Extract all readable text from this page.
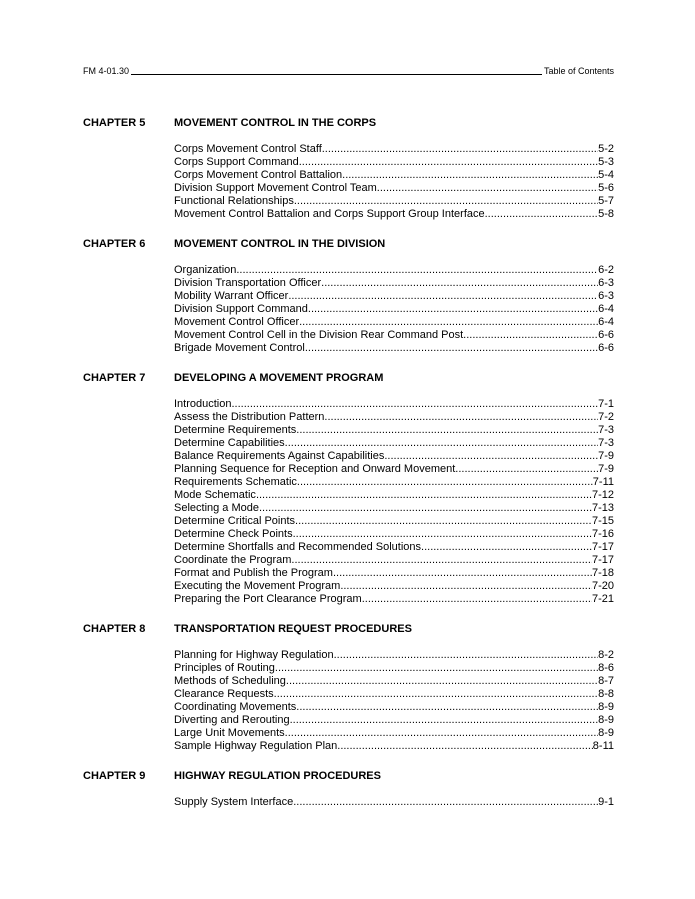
FM 4-01.30	Table of Contents
CHAPTER 5	MOVEMENT CONTROL IN THE CORPS
Corps Movement Control Staff .....	5-2
Corps Support Command .....	5-3
Corps Movement Control Battalion .....	5-4
Division Support Movement Control Team .....	5-6
Functional Relationships .....	5-7
Movement Control Battalion and Corps Support Group Interface .....	5-8
CHAPTER 6	MOVEMENT CONTROL IN THE DIVISION
Organization .....	6-2
Division Transportation Officer .....	6-3
Mobility Warrant Officer .....	6-3
Division Support Command .....	6-4
Movement Control Officer .....	6-4
Movement Control Cell in the Division Rear Command Post .....	6-6
Brigade Movement Control .....	6-6
CHAPTER 7	DEVELOPING A MOVEMENT PROGRAM
Introduction .....	7-1
Assess the Distribution Pattern .....	7-2
Determine Requirements .....	7-3
Determine Capabilities .....	7-3
Balance Requirements Against Capabilities .....	7-9
Planning Sequence for Reception and Onward Movement .....	7-9
Requirements Schematic .....	7-11
Mode Schematic .....	7-12
Selecting a Mode .....	7-13
Determine Critical Points .....	7-15
Determine Check Points .....	7-16
Determine Shortfalls and Recommended Solutions .....	7-17
Coordinate the Program .....	7-17
Format and Publish the Program .....	7-18
Executing the Movement Program .....	7-20
Preparing the Port Clearance Program .....	7-21
CHAPTER 8	TRANSPORTATION REQUEST PROCEDURES
Planning for Highway Regulation .....	8-2
Principles of Routing .....	8-6
Methods of Scheduling .....	8-7
Clearance Requests .....	8-8
Coordinating Movements .....	8-9
Diverting and Rerouting .....	8-9
Large Unit Movements .....	8-9
Sample Highway Regulation Plan .....	8-11
CHAPTER 9	HIGHWAY REGULATION PROCEDURES
Supply System Interface .....	9-1
